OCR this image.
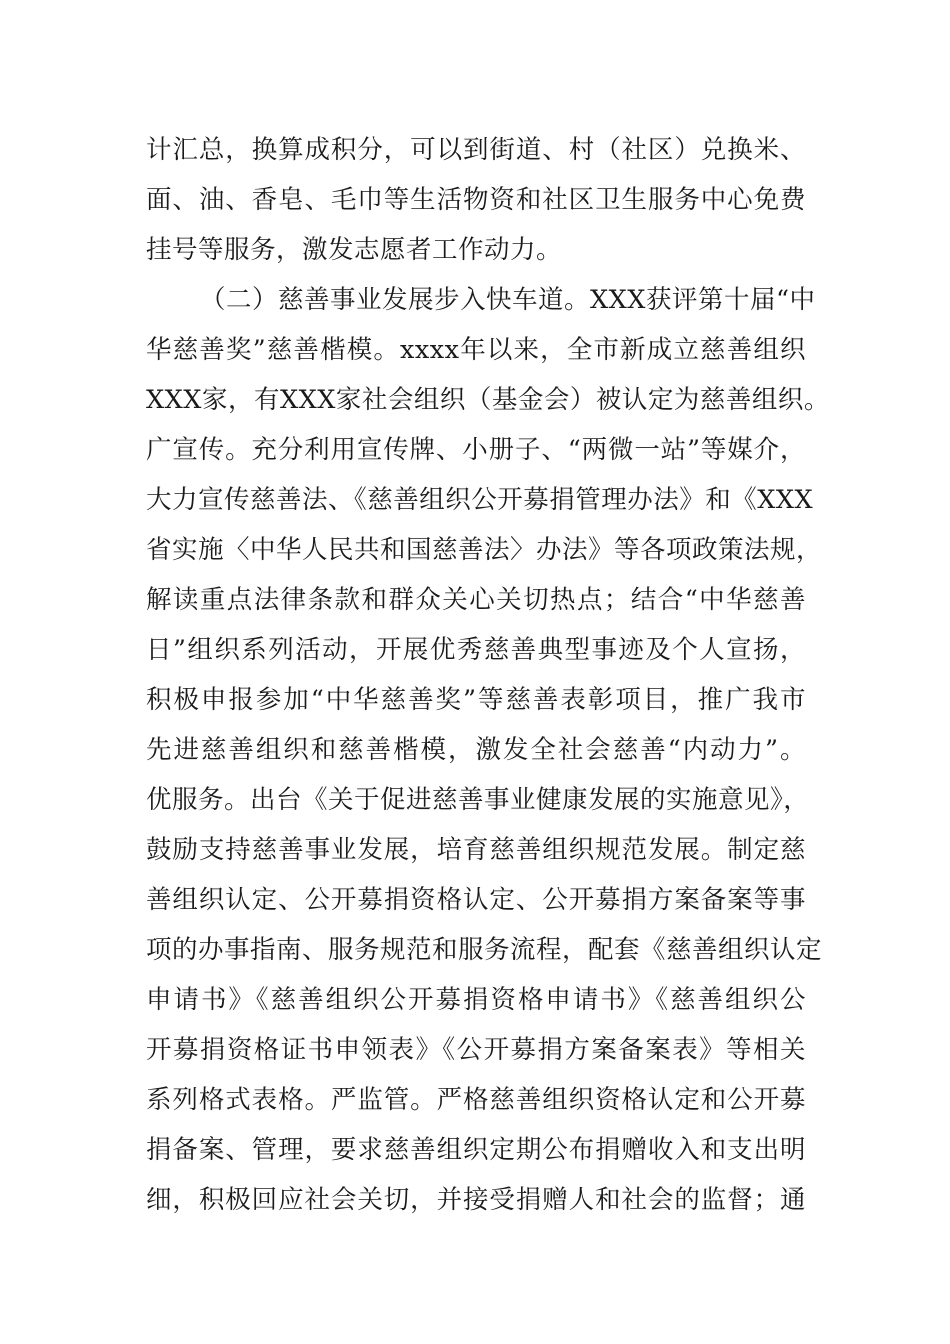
计汇总，换算成积分，可以到街道、村（社区）兑换米、
面、油、香皂、毛巾等生活物资和社区卫生服务中心免费
挂号等服务，激发志愿者工作动力。
（二）慈善事业发展步入快车道。XXX获评第十届“中
华慈善奖”慈善楷模。xxxx年以来，全市新成立慈善组织
XXX家，有XXX家社会组织（基金会）被认定为慈善组织。
广宣传。充分利用宣传牌、小册子、“两微一站”等媒介，
大力宣传慈善法、《慈善组织公开募捐管理办法》和《XXX
省实施〈中华人民共和国慈善法〉办法》等各项政策法规，
解读重点法律条款和群众关心关切热点；结合“中华慈善
日”组织系列活动，开展优秀慈善典型事迹及个人宣扬，
积极申报参加“中华慈善奖”等慈善表彰项目，推广我市
先进慈善组织和慈善楷模，激发全社会慈善“内动力”。
优服务。出台《关于促进慈善事业健康发展的实施意见》，
鼓励支持慈善事业发展，培育慈善组织规范发展。制定慈
善组织认定、公开募捐资格认定、公开募捐方案备案等事
项的办事指南、服务规范和服务流程，配套《慈善组织认定
申请书》《慈善组织公开募捐资格申请书》《慈善组织公
开募捐资格证书申领表》《公开募捐方案备案表》等相关
系列格式表格。严监管。严格慈善组织资格认定和公开募
捐备案、管理，要求慈善组织定期公布捐赠收入和支出明
细，积极回应社会关切，并接受捐赠人和社会的监督；通
